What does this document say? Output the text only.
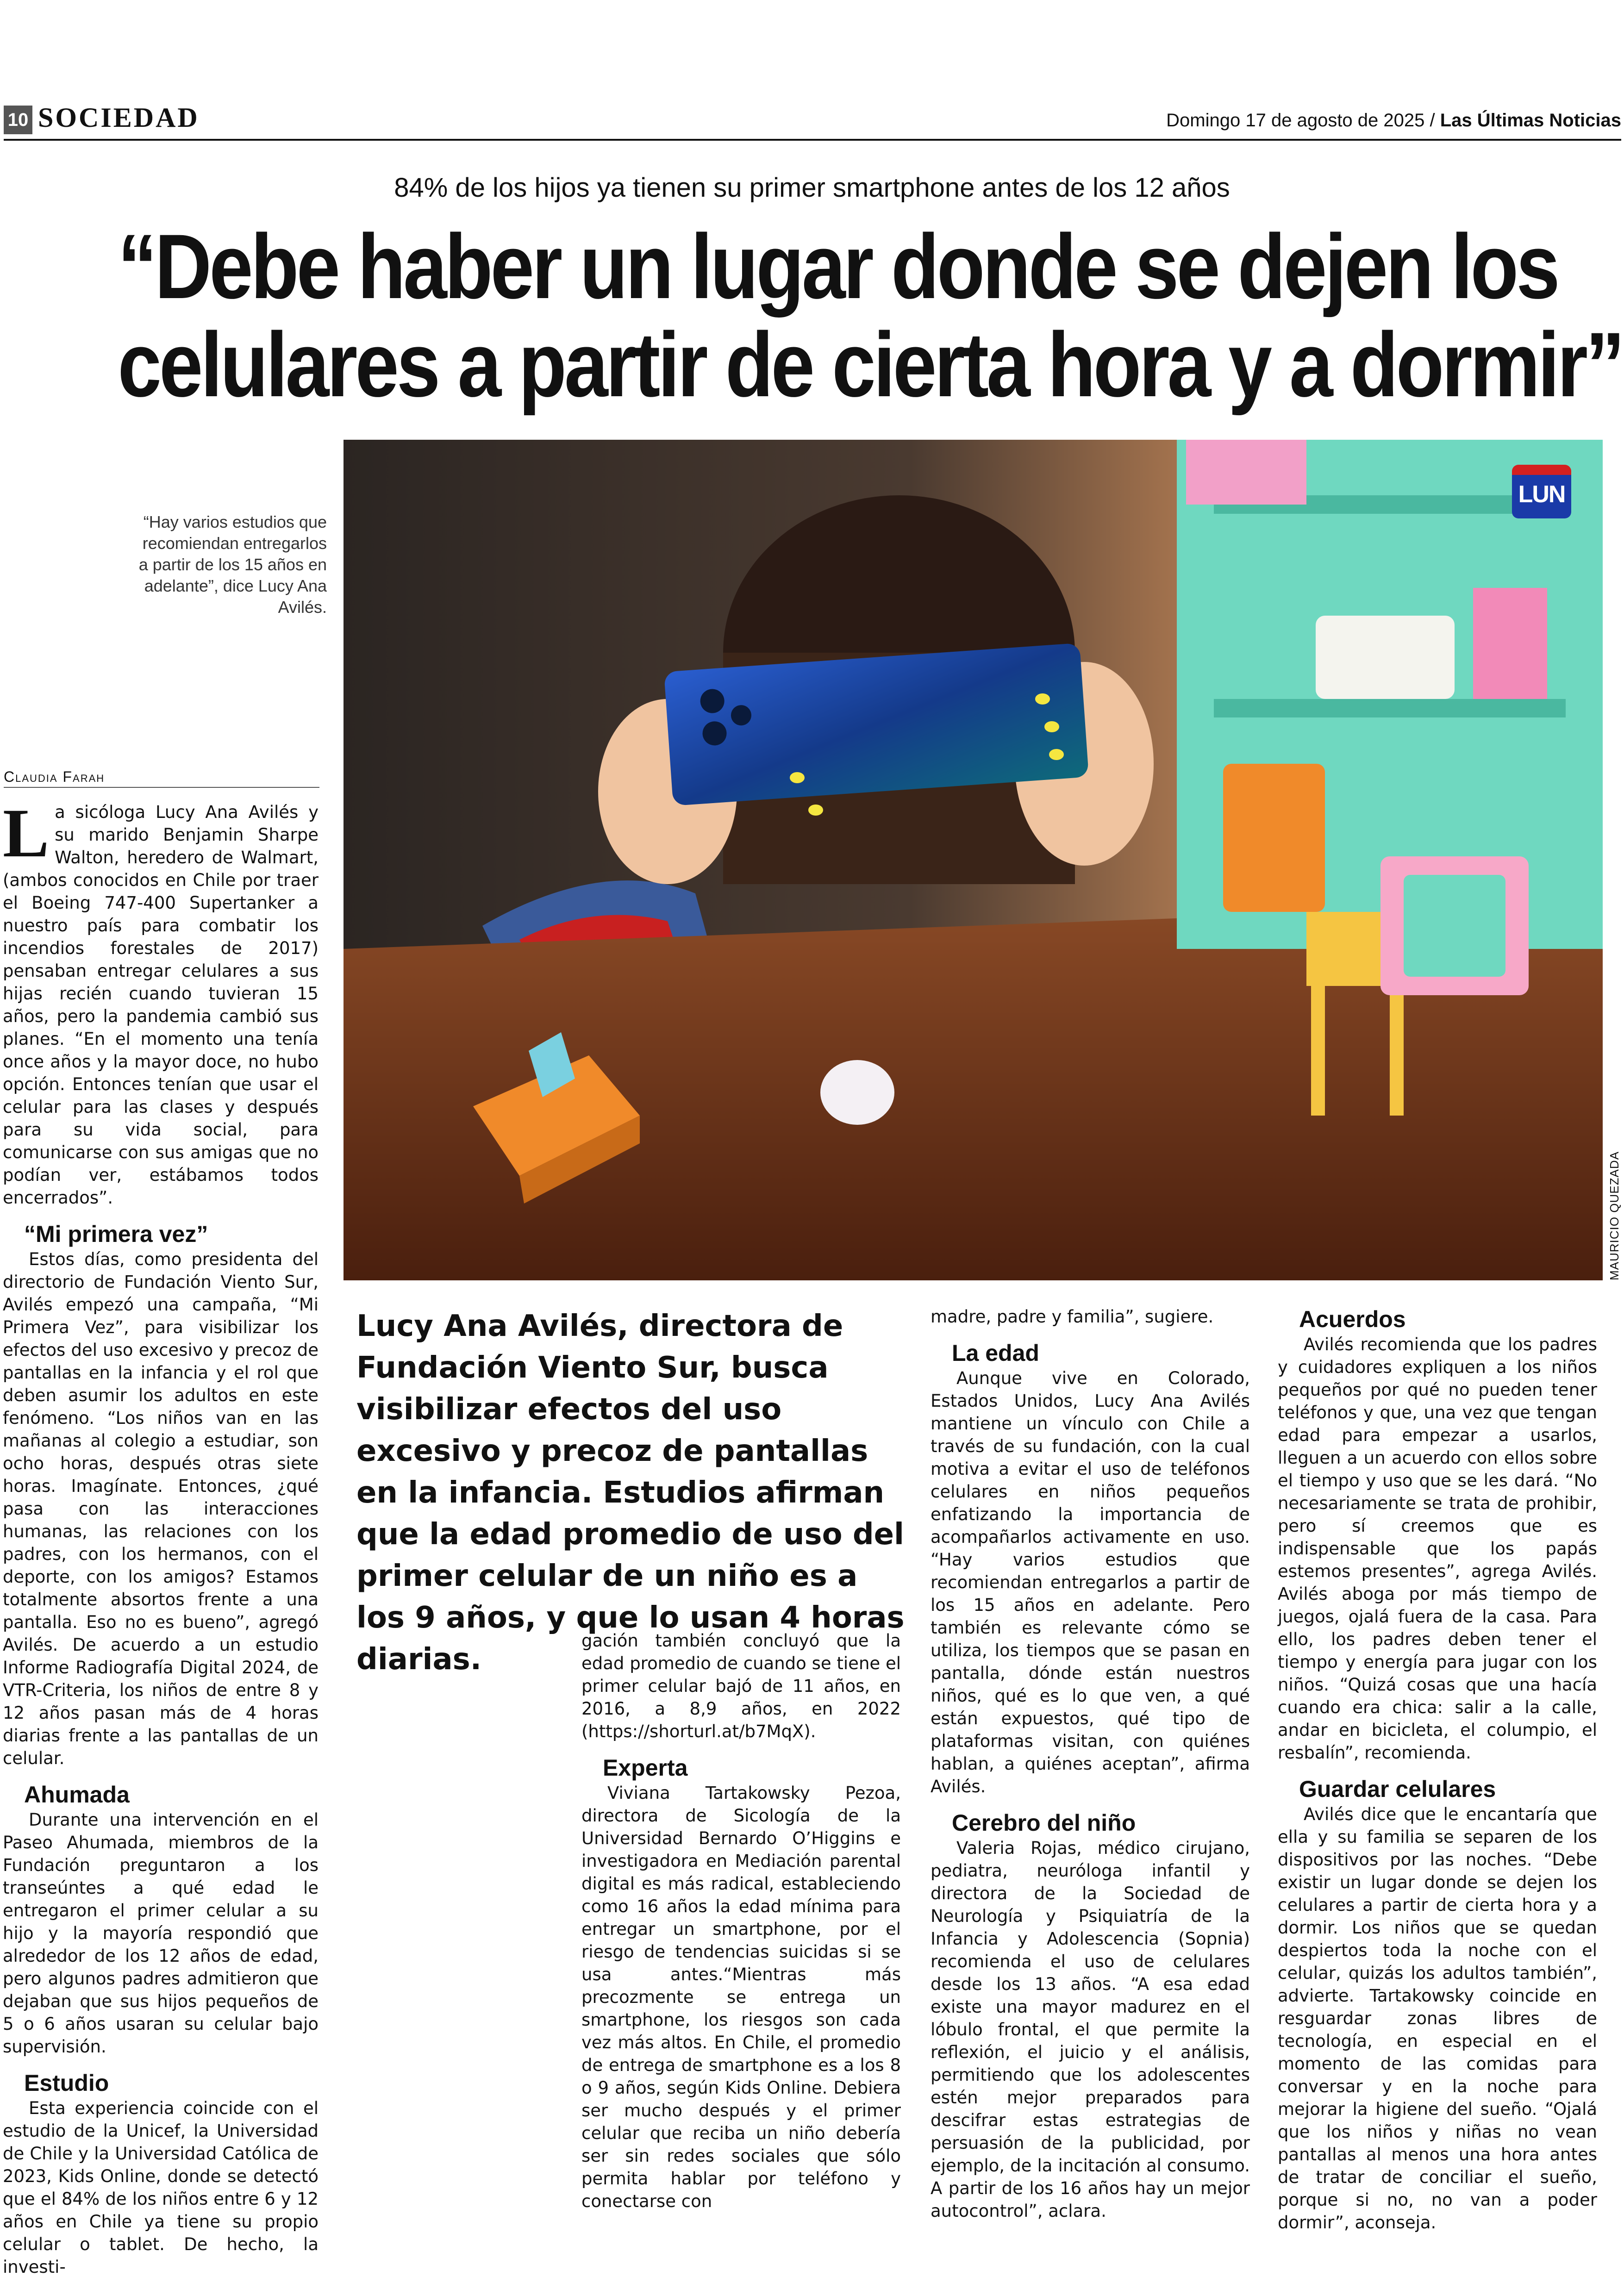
10 SOCIEDAD	Domingo 17 de agosto de 2025 / Las Últimas Noticias
84% de los hijos ya tienen su primer smartphone antes de los 12 años
“Debe haber un lugar donde se dejen los
celulares a partir de cierta hora y a dormir”
LUN
MAURICIO QUEZADA
“Hay varios estudios que recomiendan entregarlos a partir de los 15 años en adelante”, dice Lucy Ana Avilés.
Claudia Farah

La sicóloga Lucy Ana Avilés y su marido Benjamin Sharpe Walton, heredero de Walmart, (ambos conocidos en Chile por traer el Boeing 747-400 Supertanker a nuestro país para combatir los incendios forestales de 2017) pensaban entregar celulares a sus hijas recién cuando tuvieran 15 años, pero la pandemia cambió sus planes. “En el momento una tenía once años y la mayor doce, no hubo opción. Entonces tenían que usar el celular para las clases y después para su vida social, para comunicarse con sus amigas que no podían ver, estábamos todos encerrados”.

“Mi primera vez”

Estos días, como presidenta del directorio de Fundación Viento Sur, Avilés empezó una campaña, “Mi Primera Vez”, para visibilizar los efectos del uso excesivo y precoz de pantallas en la infancia y el rol que deben asumir los adultos en este fenómeno. “Los niños van en las mañanas al colegio a estudiar, son ocho horas, después otras siete horas. Imagínate. Entonces, ¿qué pasa con las interacciones humanas, las relaciones con los padres, con los hermanos, con el deporte, con los amigos? Estamos totalmente absortos frente a una pantalla. Eso no es bueno”, agregó Avilés. De acuerdo a un estudio Informe Radiografía Digital 2024, de VTR-Criteria, los niños de entre 8 y 12 años pasan más de 4 horas diarias frente a las pantallas de un celular.

Ahumada

Durante una intervención en el Paseo Ahumada, miembros de la Fundación preguntaron a los transeúntes a qué edad le entregaron el primer celular a su hijo y la mayoría respondió que alrededor de los 12 años de edad, pero algunos padres admitieron que dejaban que sus hijos pequeños de 5 o 6 años usaran su celular bajo supervisión.

Estudio

Esta experiencia coincide con el estudio de la Unicef, la Universidad de Chile y la Universidad Católica de 2023, Kids Online, donde se detectó que el 84% de los niños entre 6 y 12 años en Chile ya tiene su propio celular o tablet. De hecho, la investi-

Lucy Ana Avilés, directora de Fundación Viento Sur, busca visibilizar efectos del uso excesivo y precoz de pantallas en la infancia. Estudios afirman que la edad promedio de uso del primer celular de un niño es a los 9 años, y que lo usan 4 horas diarias.

gación también concluyó que la edad promedio de cuando se tiene el primer celular bajó de 11 años, en 2016, a 8,9 años, en 2022 (https://shorturl.at/b7MqX).

Experta

Viviana Tartakowsky Pezoa, directora de Sicología de la Universidad Bernardo O’Higgins e investigadora en Mediación parental digital es más radical, estableciendo como 16 años la edad mínima para entregar un smartphone, por el riesgo de tendencias suicidas si se usa antes.“Mientras más precozmente se entrega un smartphone, los riesgos son cada vez más altos. En Chile, el promedio de entrega de smartphone es a los 8 o 9 años, según Kids Online. Debiera ser mucho después y el primer celular que reciba un niño debería ser sin redes sociales que sólo permita hablar por teléfono y conectarse con

madre, padre y familia”, sugiere.

La edad

Aunque vive en Colorado, Estados Unidos, Lucy Ana Avilés mantiene un vínculo con Chile a través de su fundación, con la cual motiva a evitar el uso de teléfonos celulares en niños pequeños enfatizando la importancia de acompañarlos activamente en uso. “Hay varios estudios que recomiendan entregarlos a partir de los 15 años en adelante. Pero también es relevante cómo se utiliza, los tiempos que se pasan en pantalla, dónde están nuestros niños, qué es lo que ven, a qué están expuestos, qué tipo de plataformas visitan, con quiénes hablan, a quiénes aceptan”, afirma Avilés.

Cerebro del niño

Valeria Rojas, médico cirujano, pediatra, neuróloga infantil y directora de la Sociedad de Neurología y Psiquiatría de la Infancia y Adolescencia (Sopnia) recomienda el uso de celulares desde los 13 años. “A esa edad existe una mayor madurez en el lóbulo frontal, el que permite la reflexión, el juicio y el análisis, permitiendo que los adolescentes estén mejor preparados para descifrar estas estrategias de persuasión de la publicidad, por ejemplo, de la incitación al consumo. A partir de los 16 años hay un mejor autocontrol”, aclara.

Acuerdos

Avilés recomienda que los padres y cuidadores expliquen a los niños pequeños por qué no pueden tener teléfonos y que, una vez que tengan edad para empezar a usarlos, lleguen a un acuerdo con ellos sobre el tiempo y uso que se les dará. “No necesariamente se trata de prohibir, pero sí creemos que es indispensable que los papás estemos presentes”, agrega Avilés. Avilés aboga por más tiempo de juegos, ojalá fuera de la casa. Para ello, los padres deben tener el tiempo y energía para jugar con los niños. “Quizá cosas que una hacía cuando era chica: salir a la calle, andar en bicicleta, el columpio, el resbalín”, recomienda.

Guardar celulares

Avilés dice que le encantaría que ella y su familia se separen de los dispositivos por las noches. “Debe existir un lugar donde se dejen los celulares a partir de cierta hora y a dormir. Los niños que se quedan despiertos toda la noche con el celular, quizás los adultos también”, advierte. Tartakowsky coincide en resguardar zonas libres de tecnología, en especial en el momento de las comidas para conversar y en la noche para mejorar la higiene del sueño. “Ojalá que los niños y niñas no vean pantallas al menos una hora antes de tratar de conciliar el sueño, porque si no, no van a poder dormir”, aconseja.
